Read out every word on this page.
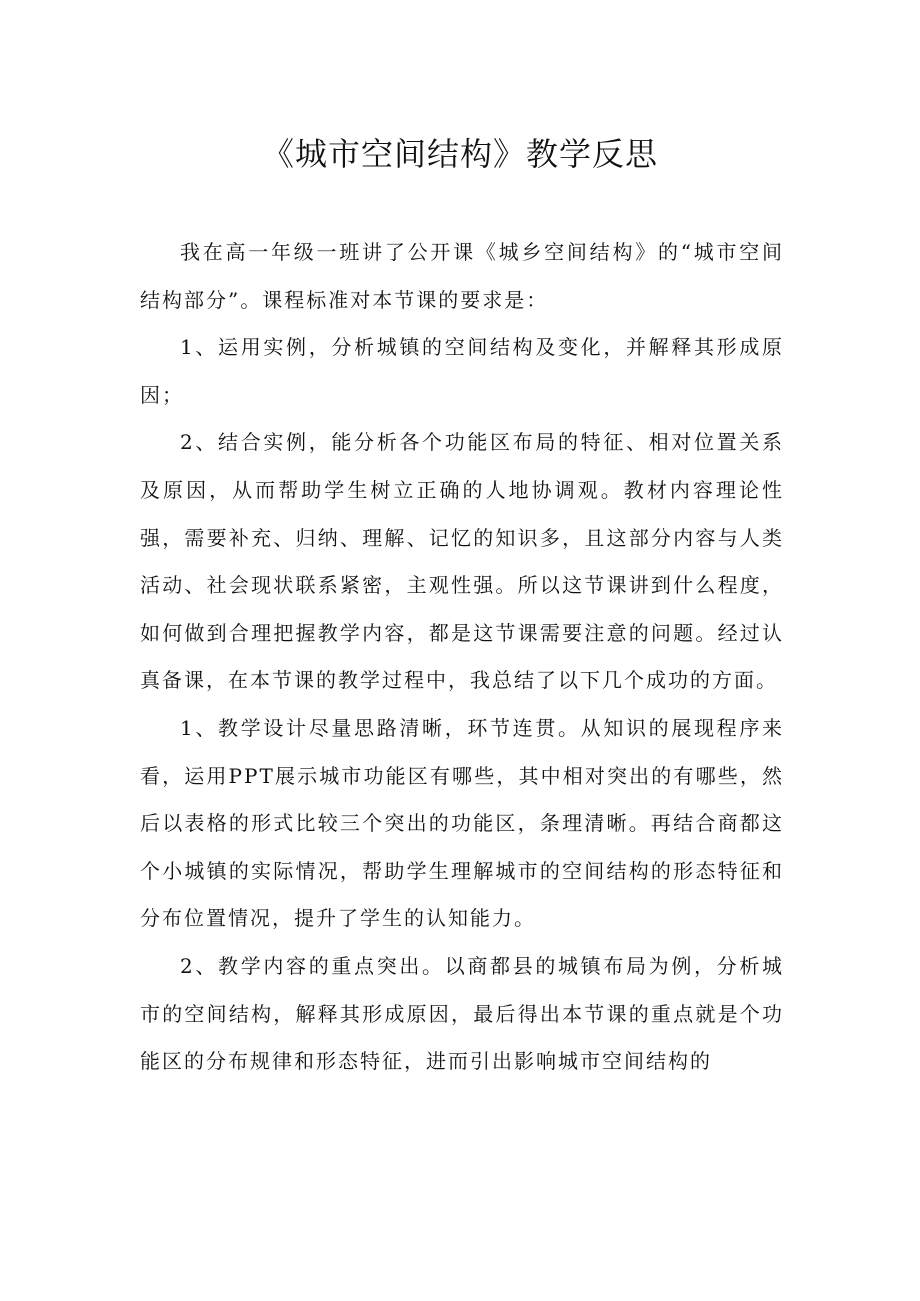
《城市空间结构》教学反思

我在高一年级一班讲了公开课《城乡空间结构》的“城市空间结构部分”。课程标准对本节课的要求是：

1、运用实例，分析城镇的空间结构及变化，并解释其形成原因；

2、结合实例，能分析各个功能区布局的特征、相对位置关系及原因，从而帮助学生树立正确的人地协调观。教材内容理论性强，需要补充、归纳、理解、记忆的知识多，且这部分内容与人类活动、社会现状联系紧密，主观性强。所以这节课讲到什么程度，如何做到合理把握教学内容，都是这节课需要注意的问题。经过认真备课，在本节课的教学过程中，我总结了以下几个成功的方面。

1、教学设计尽量思路清晰，环节连贯。从知识的展现程序来看，运用PPT展示城市功能区有哪些，其中相对突出的有哪些，然后以表格的形式比较三个突出的功能区，条理清晰。再结合商都这个小城镇的实际情况，帮助学生理解城市的空间结构的形态特征和分布位置情况，提升了学生的认知能力。

2、教学内容的重点突出。以商都县的城镇布局为例，分析城市的空间结构，解释其形成原因，最后得出本节课的重点就是个功能区的分布规律和形态特征，进而引出影响城市空间结构的
